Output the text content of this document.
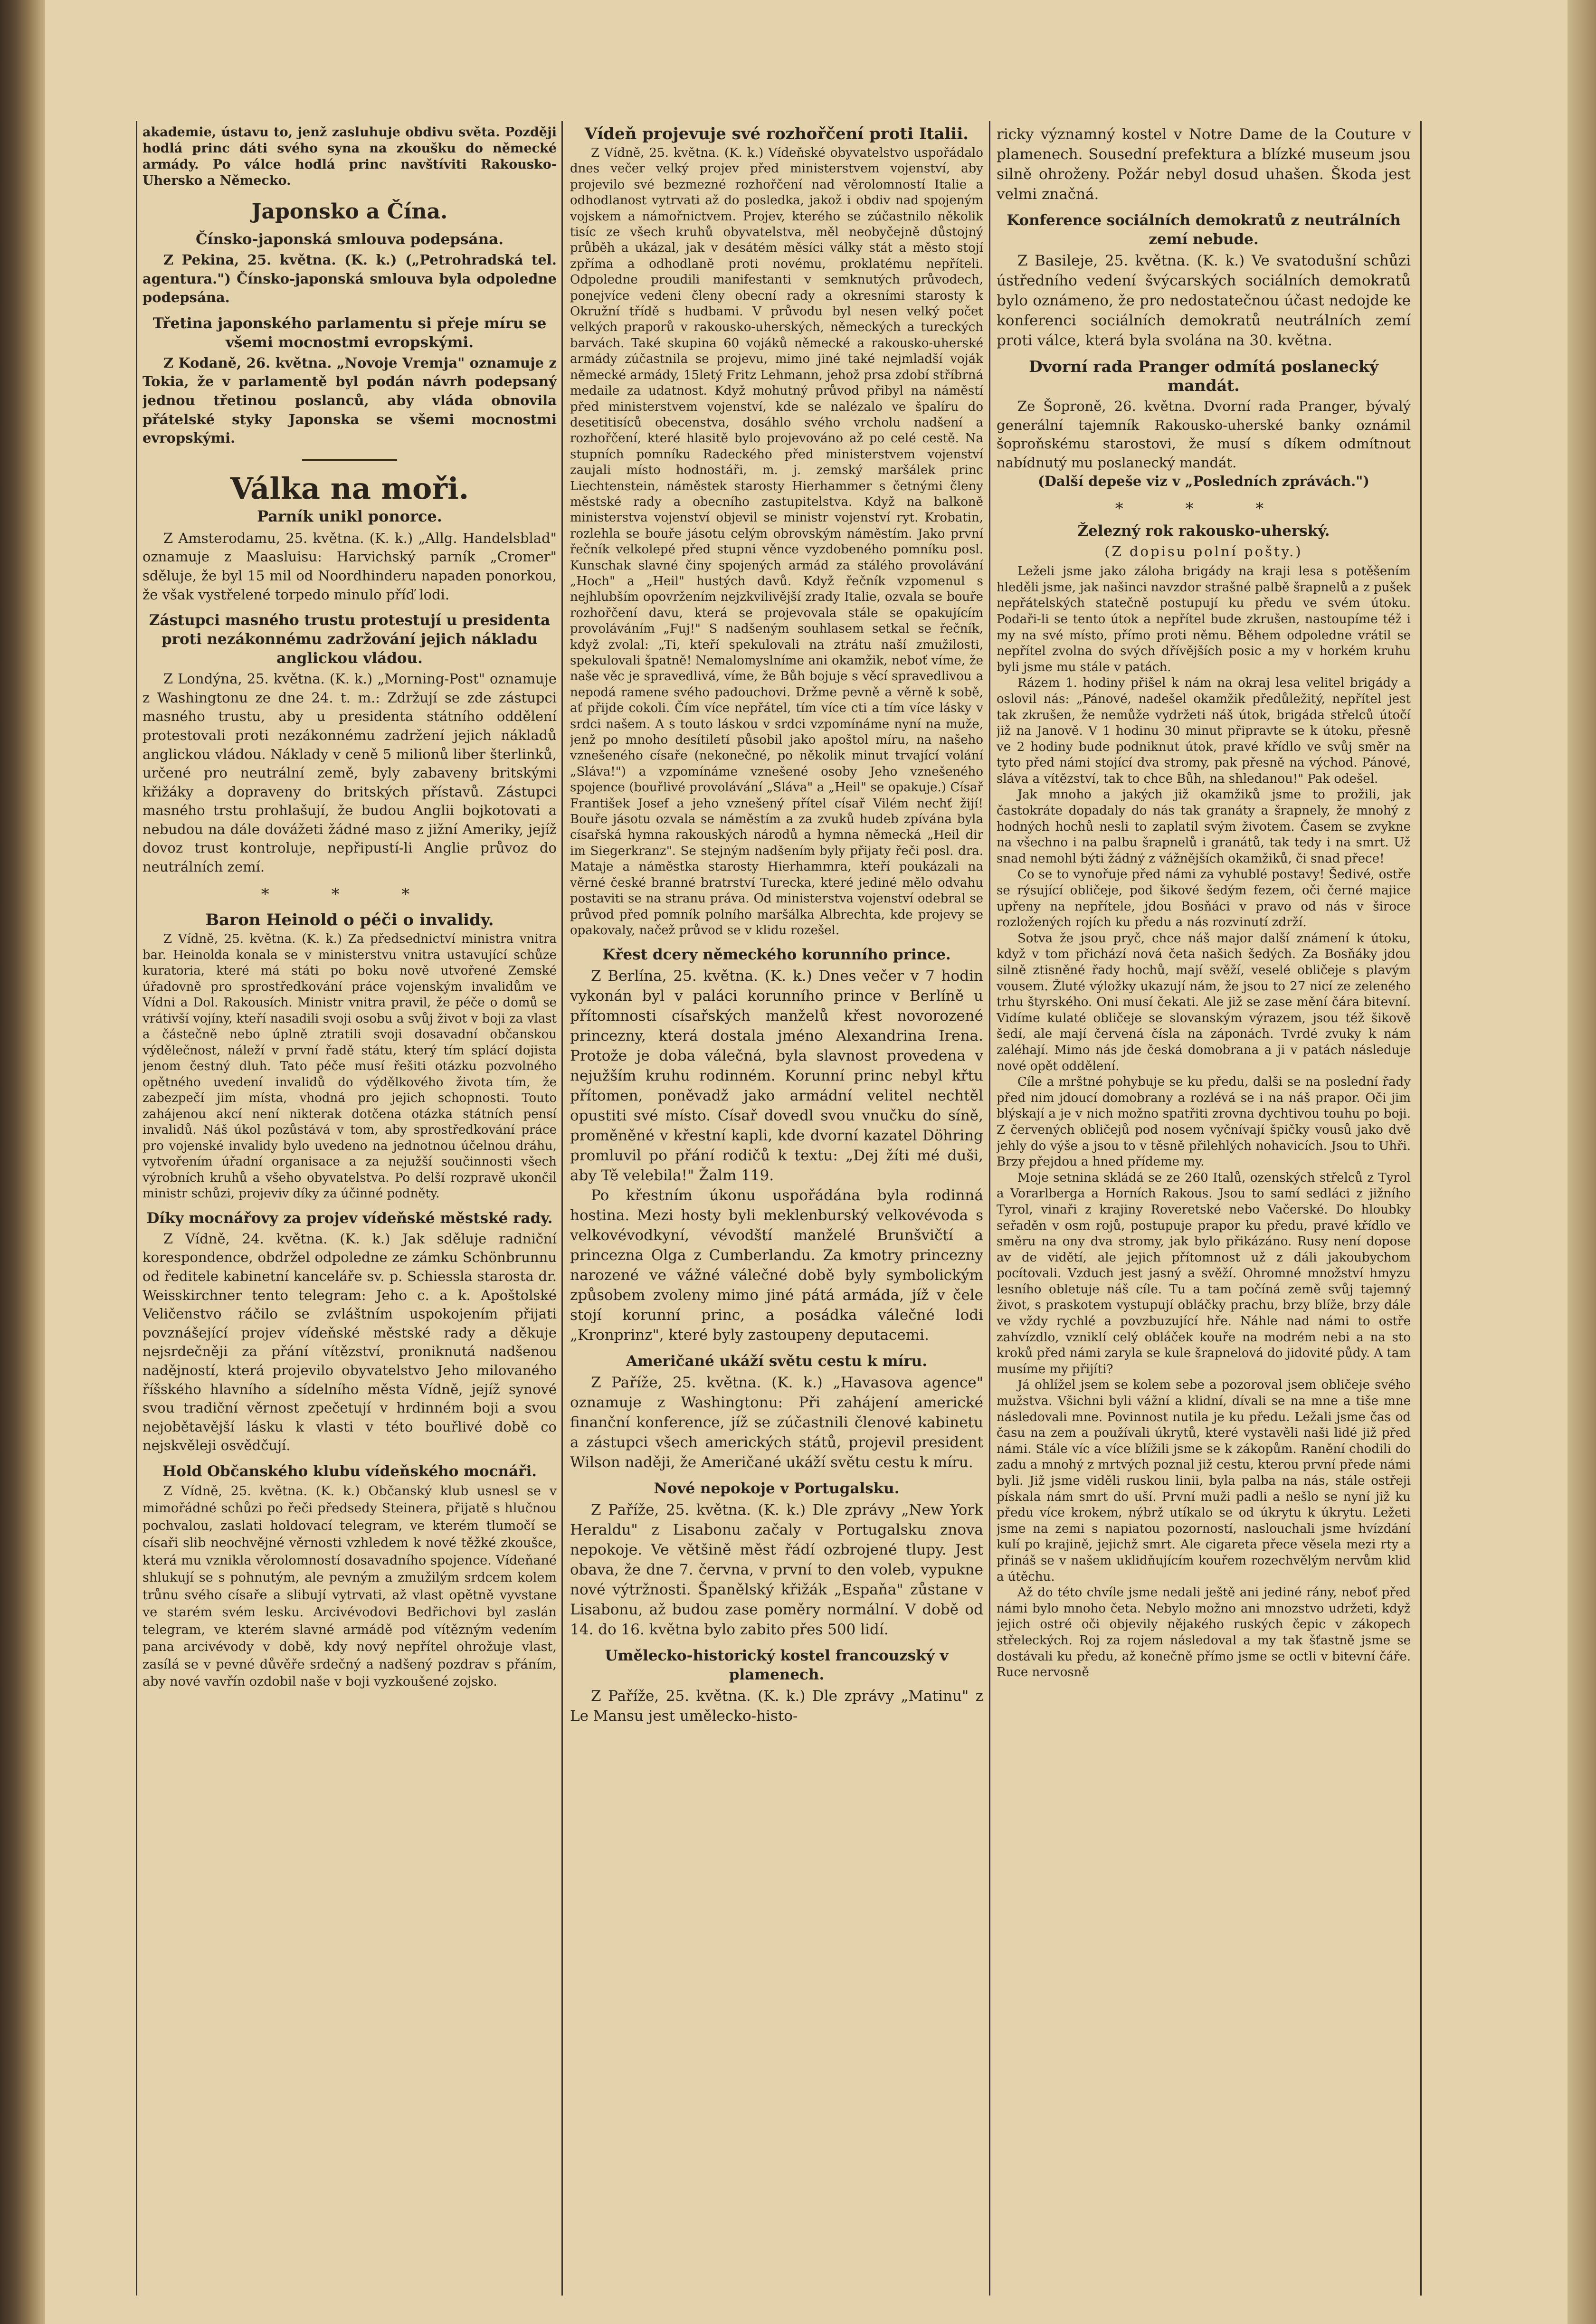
akademie, ústavu to, jenž zasluhuje obdivu světa. Později hodlá princ dáti svého syna na zkoušku do německé armády. Po válce hodlá princ navštíviti Rakousko-Uhersko a Německo.

Japonsko a Čína.
Čínsko-japonská smlouva podepsána.

Z Pekina, 25. května. (K. k.) („Petrohradská tel. agentura.") Čínsko-japonská smlouva byla odpoledne podepsána.

Třetina japonského parlamentu si přeje míru se všemi mocnostmi evropskými.

Z Kodaně, 26. května. „Novoje Vremja" oznamuje z Tokia, že v parlamentě byl podán návrh podepsaný jednou třetinou poslanců, aby vláda obnovila přátelské styky Japonska se všemi mocnostmi evropskými.

Válka na moři.
Parník unikl ponorce.

Z Amsterodamu, 25. května. (K. k.) „Allg. Handelsblad" oznamuje z Maasluisu: Harvichský parník „Cromer" sděluje, že byl 15 mil od Noordhinderu napaden ponorkou, že však vystřelené torpedo minulo příď lodi.

Zástupci masného trustu protestují u presidenta proti nezákonnému zadržování jejich nákladu anglickou vládou.

Z Londýna, 25. května. (K. k.) „Morning-Post" oznamuje z Washingtonu ze dne 24. t. m.: Zdržují se zde zástupci masného trustu, aby u presidenta státního oddělení protestovali proti nezákonnému zadržení jejich nákladů anglickou vládou. Náklady v ceně 5 milionů liber šterlinků, určené pro neutrální země, byly zabaveny britskými křižáky a dopraveny do britských přístavů. Zástupci masného trstu prohlašují, že budou Anglii bojkotovati a nebudou na dále dovážeti žádné maso z jižní Ameriky, jejíž dovoz trust kontroluje, nepřipustí-li Anglie průvoz do neutrálních zemí.

* * *
Baron Heinold o péči o invalidy.

Z Vídně, 25. května. (K. k.) Za předsednictví ministra vnitra bar. Heinolda konala se v ministerstvu vnitra ustavující schůze kuratoria, které má státi po boku nově utvořené Zemské úřadovně pro sprostředkování práce vojenským invalidům ve Vídni a Dol. Rakousích. Ministr vnitra pravil, že péče o domů se vrátivší vojíny, kteří nasadili svoji osobu a svůj život v boji za vlast a částečně nebo úplně ztratili svoji dosavadní občanskou výdělečnost, náleží v první řadě státu, který tím splácí dojista jenom čestný dluh. Tato péče musí řešiti otázku pozvolného opětného uvedení invalidů do výdělkového života tím, že zabezpečí jim místa, vhodná pro jejich schopnosti. Touto zahájenou akcí není nikterak dotčena otázka státních pensí invalidů. Náš úkol pozůstává v tom, aby sprostředkování práce pro vojenské invalidy bylo uvedeno na jednotnou účelnou dráhu, vytvořením úřadní organisace a za nejužší součinnosti všech výrobních kruhů a všeho obyvatelstva. Po delší rozpravě ukončil ministr schůzi, projeviv díky za účinné podněty.

Díky mocnářovy za projev vídeňské městské rady.

Z Vídně, 24. května. (K. k.) Jak sděluje radniční korespondence, obdržel odpoledne ze zámku Schönbrunnu od ředitele kabinetní kanceláře sv. p. Schiessla starosta dr. Weisskirchner tento telegram: Jeho c. a k. Apoštolské Veličenstvo ráčilo se zvláštním uspokojením přijati povznášející projev vídeňské městské rady a děkuje nejsrdečněji za přání vítězství, proniknutá nadšenou nadějností, která projevilo obyvatelstvo Jeho milovaného říšského hlavního a sídelního města Vídně, jejíž synové svou tradiční věrnost zpečetují v hrdinném boji a svou nejobětavější lásku k vlasti v této bouřlivé době co nejskvěleji osvědčují.

Hold Občanského klubu vídeňského mocnáři.

Z Vídně, 25. května. (K. k.) Občanský klub usnesl se v mimořádné schůzi po řeči předsedy Steinera, přijatě s hlučnou pochvalou, zaslati holdovací telegram, ve kterém tlumočí se císaři slib neochvějné věrnosti vzhledem k nové těžké zkoušce, která mu vznikla věrolomností dosavadního spojence. Vídeňané shlukují se s pohnutým, ale pevným a zmužilým srdcem kolem trůnu svého císaře a slibují vytrvati, až vlast opětně vyvstane ve starém svém lesku. Arcivévodovi Bedřichovi byl zaslán telegram, ve kterém slavné armádě pod vítězným vedením pana arcivévody v době, kdy nový nepřítel ohrožuje vlast, zasílá se v pevné důvěře srdečný a nadšený pozdrav s přáním, aby nové vavřín ozdobil naše v boji vyzkoušené zojsko.

Vídeň projevuje své rozhořčení proti Italii.

Z Vídně, 25. května. (K. k.) Vídeňské obyvatelstvo uspořádalo dnes večer velký projev před ministerstvem vojenství, aby projevilo své bezmezné rozhořčení nad věrolomností Italie a odhodlanost vytrvati až do posledka, jakož i obdiv nad spojeným vojskem a námořnictvem. Projev, kterého se zúčastnilo několik tisíc ze všech kruhů obyvatelstva, měl neobyčejně důstojný průběh a ukázal, jak v desátém měsíci války stát a město stojí zpříma a odhodlaně proti novému, proklatému nepříteli. Odpoledne proudili manifestanti v semknutých průvodech, ponejvíce vedeni členy obecní rady a okresními starosty k Okružní třídě s hudbami. V průvodu byl nesen velký počet velkých praporů v rakousko-uherských, německých a tureckých barvách. Také skupina 60 vojáků německé a rakousko-uherské armády zúčastnila se projevu, mimo jiné také nejmladší voják německé armády, 15letý Fritz Lehmann, jehož prsa zdobí stříbrná medaile za udatnost. Když mohutný průvod přibyl na náměstí před ministerstvem vojenství, kde se nalézalo ve špalíru do desetitisíců obecenstva, dosáhlo svého vrcholu nadšení a rozhořčení, které hlasitě bylo projevováno až po celé cestě. Na stupních pomníku Radeckého před ministerstvem vojenství zaujali místo hodnostáři, m. j. zemský maršálek princ Liechtenstein, náměstek starosty Hierhammer s četnými členy městské rady a obecního zastupitelstva. Když na balkoně ministerstva vojenství objevil se ministr vojenství ryt. Krobatin, rozlehla se bouře jásotu celým obrovským náměstím. Jako první řečník velkolepé před stupni věnce vyzdobeného pomníku posl. Kunschak slavné činy spojených armád za stálého provolávání „Hoch" a „Heil" hustých davů. Když řečník vzpomenul s nejhlubším opovržením nejzkvilivější zrady Italie, ozvala se bouře rozhořčení davu, která se projevovala stále se opakujícím provoláváním „Fuj!" S nadšeným souhlasem setkal se řečník, když zvolal: „Ti, kteří spekulovali na ztrátu naší zmužilosti, spekulovali špatně! Nemalomyslníme ani okamžik, neboť víme, že naše věc je spravedlivá, víme, že Bůh bojuje s věcí spravedlivou a nepodá ramene svého padouchovi. Držme pevně a věrně k sobě, ať přijde cokoli. Čím více nepřátel, tím více cti a tím více lásky v srdci našem. A s touto láskou v srdci vzpomínáme nyní na muže, jenž po mnoho desítiletí působil jako apoštol míru, na našeho vznešeného císaře (nekonečné, po několik minut trvající volání „Sláva!") a vzpomínáme vznešené osoby Jeho vznešeného spojence (bouřlivé provolávání „Sláva" a „Heil" se opakuje.) Císař František Josef a jeho vznešený přítel císař Vilém nechť žijí! Bouře jásotu ozvala se náměstím a za zvuků hudeb zpívána byla císařská hymna rakouských národů a hymna německá „Heil dir im Siegerkranz". Se stejným nadšením byly přijaty řeči posl. dra. Mataje a náměstka starosty Hierhammra, kteří poukázali na věrné české branné bratrství Turecka, které jediné mělo odvahu postaviti se na stranu práva. Od ministerstva vojenství odebral se průvod před pomník polního maršálka Albrechta, kde projevy se opakovaly, načež průvod se v klidu rozešel.

Křest dcery německého korunního prince.

Z Berlína, 25. května. (K. k.) Dnes večer v 7 hodin vykonán byl v paláci korunního prince v Berlíně u přítomnosti císařských manželů křest novorozené princezny, která dostala jméno Alexandrina Irena. Protože je doba válečná, byla slavnost provedena v nejužším kruhu rodinném. Korunní princ nebyl křtu přítomen, poněvadž jako armádní velitel nechtěl opustiti své místo. Císař dovedl svou vnučku do síně, proměněné v křestní kapli, kde dvorní kazatel Döhring promluvil po přání rodičů k textu: „Dej žíti mé duši, aby Tě velebila!" Žalm 119.

Po křestním úkonu uspořádána byla rodinná hostina. Mezi hosty byli meklenburský velkovévoda s velkovévodkyní, vévodští manželé Brunšvičtí a princezna Olga z Cumberlandu. Za kmotry princezny narozené ve vážné válečné době byly symbolickým způsobem zvoleny mimo jiné pátá armáda, jíž v čele stojí korunní princ, a posádka válečné lodi „Kronprinz", které byly zastoupeny deputacemi.

Američané ukáží světu cestu k míru.

Z Paříže, 25. května. (K. k.) „Havasova agence" oznamuje z Washingtonu: Při zahájení americké finanční konference, jíž se zúčastnili členové kabinetu a zástupci všech amerických států, projevil president Wilson naději, že Američané ukáží světu cestu k míru.

Nové nepokoje v Portugalsku.

Z Paříže, 25. května. (K. k.) Dle zprávy „New York Heraldu" z Lisabonu začaly v Portugalsku znova nepokoje. Ve většině měst řádí ozbrojené tlupy. Jest obava, že dne 7. června, v první to den voleb, vypukne nové výtržnosti. Španělský křižák „Espaňa" zůstane v Lisabonu, až budou zase poměry normální. V době od 14. do 16. května bylo zabito přes 500 lidí.

Umělecko-historický kostel francouzský v plamenech.

Z Paříže, 25. května. (K. k.) Dle zprávy „Matinu" z Le Mansu jest umělecko-histo-

ricky významný kostel v Notre Dame de la Couture v plamenech. Sousední prefektura a blízké museum jsou silně ohroženy. Požár nebyl dosud uhašen. Škoda jest velmi značná.

Konference sociálních demokratů z neutrálních zemí nebude.

Z Basileje, 25. května. (K. k.) Ve svatodušní schůzi ústředního vedení švýcarských sociálních demokratů bylo oznámeno, že pro nedostatečnou účast nedojde ke konferenci sociálních demokratů neutrálních zemí proti válce, která byla svolána na 30. května.

Dvorní rada Pranger odmítá poslanecký mandát.

Ze Šoproně, 26. května. Dvorní rada Pranger, bývalý generální tajemník Rakousko-uherské banky oznámil šoproňskému starostovi, že musí s díkem odmítnout nabídnutý mu poslanecký mandát.

(Další depeše viz v „Posledních zprávách.")

* * *
Železný rok rakousko-uherský.

(Z dopisu polní pošty.)

Leželi jsme jako záloha brigády na kraji lesa s potěšením hleděli jsme, jak našinci navzdor strašné palbě šrapnelů a z pušek nepřátelských statečně postupují ku předu ve svém útoku. Podaři-li se tento útok a nepřítel bude zkrušen, nastoupíme též i my na své místo, přímo proti němu. Během odpoledne vrátil se nepřítel zvolna do svých dřívějších posic a my v horkém kruhu byli jsme mu stále v patách.

Rázem 1. hodiny přišel k nám na okraj lesa velitel brigády a oslovil nás: „Pánové, nadešel okamžik předůležitý, nepřítel jest tak zkrušen, že nemůže vydržeti náš útok, brigáda střelců útočí již na Janově. V 1 hodinu 30 minut připravte se k útoku, přesně ve 2 hodiny bude podniknut útok, pravé křídlo ve svůj směr na tyto před námi stojící dva stromy, pak přesně na východ. Pánové, sláva a vítězství, tak to chce Bůh, na shledanou!" Pak odešel.

Jak mnoho a jakých již okamžiků jsme to prožili, jak častokráte dopadaly do nás tak granáty a šrapnely, že mnohý z hodných hochů nesli to zaplatil svým životem. Časem se zvykne na všechno i na palbu šrapnelů i granátů, tak tedy i na smrt. Už snad nemohl býti žádný z vážnějších okamžiků, či snad přece!

Co se to vynořuje před námi za vyhublé postavy! Šedivé, ostře se rýsující obličeje, pod šikové šedým fezem, oči černé majice upřeny na nepřítele, jdou Bosňáci v pravo od nás v široce rozložených rojích ku předu a nás rozvinutí zdrží.

Sotva že jsou pryč, chce náš major další známení k útoku, když v tom přichází nová četa našich šedých. Za Bosňáky jdou silně ztisněné řady hochů, mají svěží, veselé obličeje s plavým vousem. Žluté výložky ukazují nám, že jsou to 27 nicí ze zeleného trhu štyrského. Oni musí čekati. Ale již se zase mění čára bitevní. Vidíme kulaté obličeje se slovanským výrazem, jsou též šikově šedí, ale mají červená čísla na záponách. Tvrdé zvuky k nám zaléhají. Mimo nás jde česká domobrana a ji v patách následuje nové opět oddělení.

Cíle a mrštné pohybuje se ku předu, dalši se na poslední řady před nim jdoucí domobrany a rozlévá se i na náš prapor. Oči jim blýskají a je v nich možno spatřiti zrovna dychtivou touhu po boji. Z červených obličejů pod nosem vyčnívají špičky vousů jako dvě jehly do výše a jsou to v těsně přilehlých nohavicích. Jsou to Uhři. Brzy přejdou a hned přídeme my.

Moje setnina skládá se ze 260 Italů, ozenských střelců z Tyrol a Vorarlberga a Horních Rakous. Jsou to samí sedláci z jižního Tyrol, vinaři z krajiny Roveretské nebo Vačerské. Do hloubky seřaděn v osm rojů, postupuje prapor ku předu, pravé křídlo ve směru na ony dva stromy, jak bylo přikázáno. Rusy není dopose av de vidětí, ale jejich přítomnost už z dáli jakoubychom pocítovali. Vzduch jest jasný a svěží. Ohromné množství hmyzu lesního obletuje náš cíle. Tu a tam počíná země svůj tajemný život, s praskotem vystupují obláčky prachu, brzy blíže, brzy dále ve vždy rychlé a povzbuzující hře. Náhle nad námi to ostře zahvízdlo, vzniklí celý obláček kouře na modrém nebi a na sto kroků před námi zaryla se kule šrapnelová do jidovité půdy. A tam musíme my přijíti?

Já ohlížel jsem se kolem sebe a pozoroval jsem obličeje svého mužstva. Všichni byli vážní a klidní, dívali se na mne a tiše mne následovali mne. Povinnost nutila je ku předu. Ležali jsme čas od času na zem a používali úkrytů, které vystavěli naši lidé již před námi. Stále víc a více blížili jsme se k zákopům. Ranění chodili do zadu a mnohý z mrtvých poznal již cestu, kterou první přede námi byli. Již jsme viděli ruskou linii, byla palba na nás, stále ostřeji pískala nám smrt do uší. První muži padli a nešlo se nyní již ku předu více krokem, nýbrž utíkalo se od úkrytu k úkrytu. Ležeti jsme na zemi s napiatou pozorností, naslouchali jsme hvízdání kulí po krajině, jejichž smrt. Ale cigareta přece věsela mezi rty a přináš se v našem uklidňujícím kouřem rozechvělým nervům klid a útěchu.

Až do této chvíle jsme nedali ještě ani jediné rány, neboť před námi bylo mnoho četa. Nebylo možno ani mnozstvo udržeti, když jejich ostré oči objevily nějakého ruských čepic v zákopech střeleckých. Roj za rojem následoval a my tak šťastně jsme se dostávali ku předu, až konečně přímo jsme se octli v bitevní čáře. Ruce nervosně
